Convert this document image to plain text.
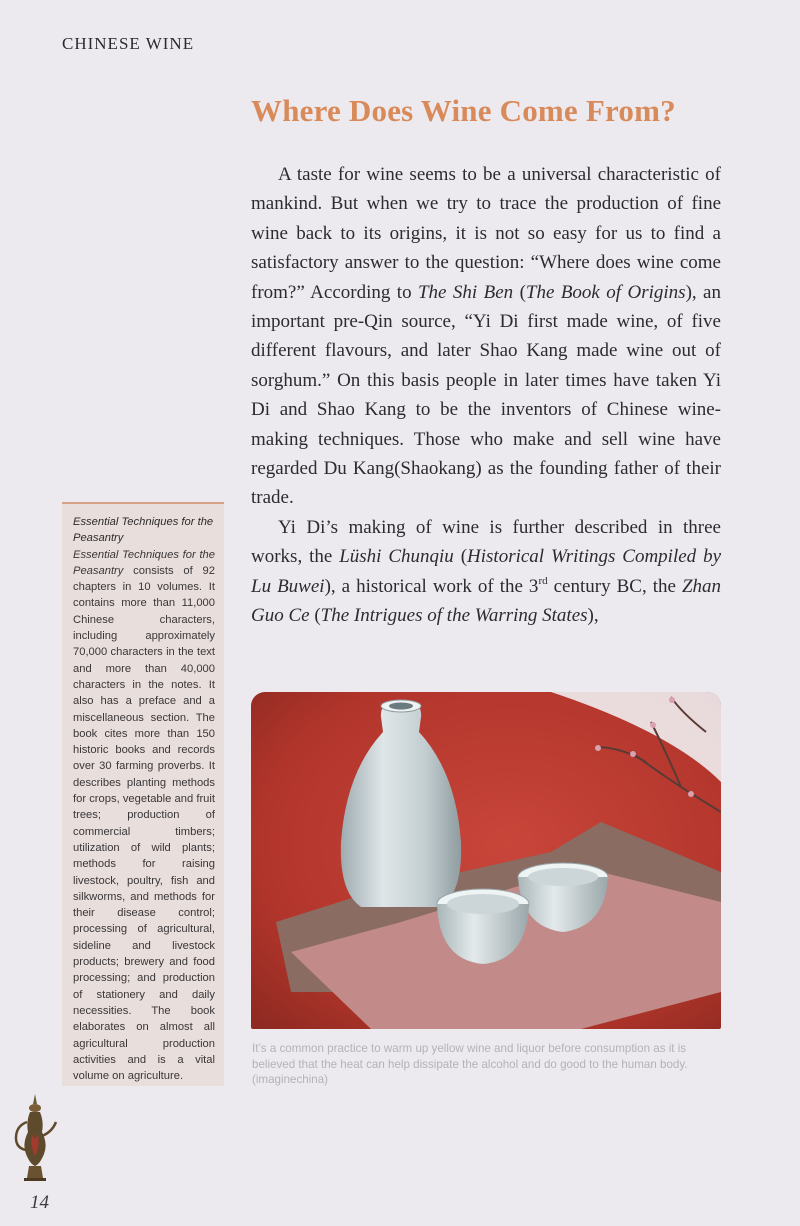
CHINESE WINE
Where Does Wine Come From?

A taste for wine seems to be a universal characteristic of mankind. But when we try to trace the production of fine wine back to its origins, it is not so easy for us to find a satisfactory answer to the question: “Where does wine come from?” According to The Shi Ben (The Book of Origins), an important pre-Qin source, “Yi Di first made wine, of five different flavours, and later Shao Kang made wine out of sorghum.” On this basis people in later times have taken Yi Di and Shao Kang to be the inventors of Chinese wine-making techniques. Those who make and sell wine have regarded Du Kang(Shaokang) as the founding father of their trade.

Yi Di’s making of wine is further described in three works, the Lüshi Chunqiu (Historical Writings Compiled by Lu Buwei), a historical work of the 3rd century BC, the Zhan Guo Ce (The Intrigues of the Warring States),

Essential Techniques for the Peasantry
Essential Techniques for the Peasantry consists of 92 chapters in 10 volumes. It contains more than 11,000 Chinese characters, including approximately 70,000 characters in the text and more than 40,000 characters in the notes. It also has a preface and a miscellaneous section. The book cites more than 150 historic books and records over 30 farming proverbs. It describes planting methods for crops, vegetable and fruit trees; production of commercial timbers; utilization of wild plants; methods for raising livestock, poultry, fish and silkworms, and methods for their disease control; processing of agricultural, sideline and livestock products; brewery and food processing; and production of stationery and daily necessities. The book elaborates on almost all agricultural production activities and is a vital volume on agriculture.
It’s a common practice to warm up yellow wine and liquor before consumption as it is believed that the heat can help dissipate the alcohol and do good to the human body. (imaginechina)
14
